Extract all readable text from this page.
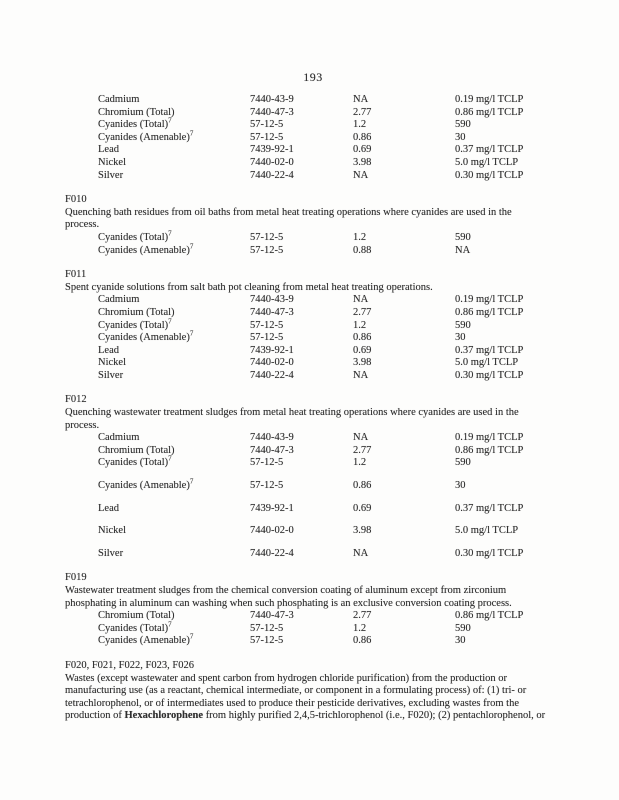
193
Cadmium	7440-43-9	NA	0.19 mg/l TCLP
Chromium (Total)	7440-47-3	2.77	0.86 mg/l TCLP
Cyanides (Total)$^7$	57-12-5	1.2	590
Cyanides (Amenable)$^7$	57-12-5	0.86	30
Lead	7439-92-1	0.69	0.37 mg/l TCLP
Nickel	7440-02-0	3.98	5.0 mg/l TCLP
Silver	7440-22-4	NA	0.30 mg/l TCLP
F010
Quenching bath residues from oil baths from metal heat treating operations where cyanides are used in the
process.
Cyanides (Total)$^7$	57-12-5	1.2	590
Cyanides (Amenable)$^7$	57-12-5	0.88	NA
F011
Spent cyanide solutions from salt bath pot cleaning from metal heat treating operations.
Cadmium	7440-43-9	NA	0.19 mg/l TCLP
Chromium (Total)	7440-47-3	2.77	0.86 mg/l TCLP
Cyanides (Total)$^7$	57-12-5	1.2	590
Cyanides (Amenable)$^7$	57-12-5	0.86	30
Lead	7439-92-1	0.69	0.37 mg/l TCLP
Nickel	7440-02-0	3.98	5.0 mg/l TCLP
Silver	7440-22-4	NA	0.30 mg/l TCLP
F012
Quenching wastewater treatment sludges from metal heat treating operations where cyanides are used in the
process.
Cadmium	7440-43-9	NA	0.19 mg/l TCLP
Chromium (Total)	7440-47-3	2.77	0.86 mg/l TCLP
Cyanides (Total)$^7$	57-12-5	1.2	590
Cyanides (Amenable)$^7$	57-12-5	0.86	30
Lead	7439-92-1	0.69	0.37 mg/l TCLP
Nickel	7440-02-0	3.98	5.0 mg/l TCLP
Silver	7440-22-4	NA	0.30 mg/l TCLP
F019
Wastewater treatment sludges from the chemical conversion coating of aluminum except from zirconium
phosphating in aluminum can washing when such phosphating is an exclusive conversion coating process.
Chromium (Total)	7440-47-3	2.77	0.86 mg/l TCLP
Cyanides (Total)$^7$	57-12-5	1.2	590
Cyanides (Amenable)$^7$	57-12-5	0.86	30
F020, F021, F022, F023, F026
Wastes (except wastewater and spent carbon from hydrogen chloride purification) from the production or
manufacturing use (as a reactant, chemical intermediate, or component in a formulating process) of: (1) tri- or
tetrachlorophenol, or of intermediates used to produce their pesticide derivatives, excluding wastes from the
production of Hexachlorophene from highly purified 2,4,5-trichlorophenol (i.e., F020); (2) pentachlorophenol, or
